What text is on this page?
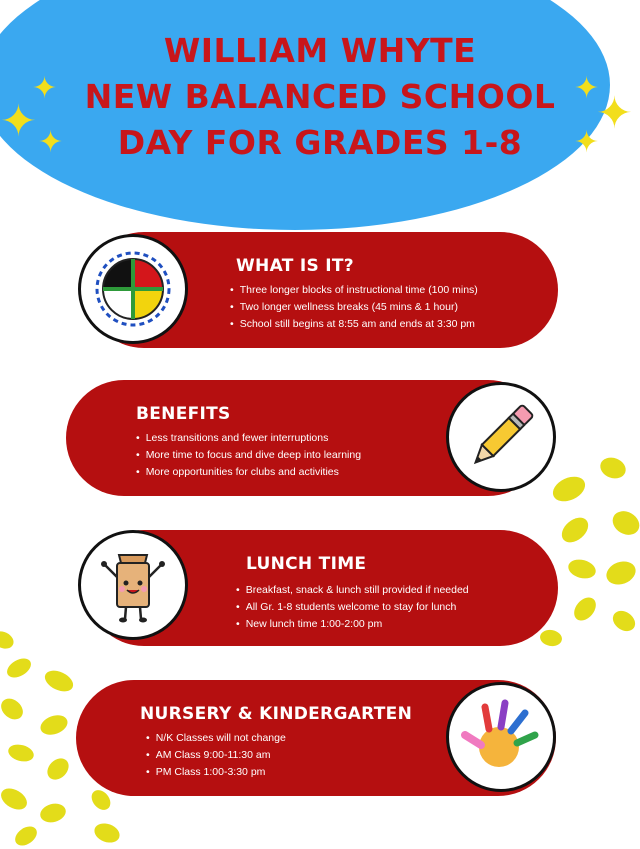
✦
✦ ✦
✦
✦
✦
WILLIAM WHYTE
NEW BALANCED SCHOOL
DAY FOR GRADES 1-8
WHAT IS IT?
• Three longer blocks of instructional time (100 mins)
• Two longer wellness breaks (45 mins & 1 hour)
• School still begins at 8:55 am and ends at 3:30 pm
BENEFITS
• Less transitions and fewer interruptions
• More time to focus and dive deep into learning
• More opportunities for clubs and activities
LUNCH TIME
• Breakfast, snack & lunch still provided if needed
• All Gr. 1-8 students welcome to stay for lunch
• New lunch time 1:00-2:00 pm
NURSERY & KINDERGARTEN
• N/K Classes will not change
• AM Class 9:00-11:30 am
• PM Class 1:00-3:30 pm
